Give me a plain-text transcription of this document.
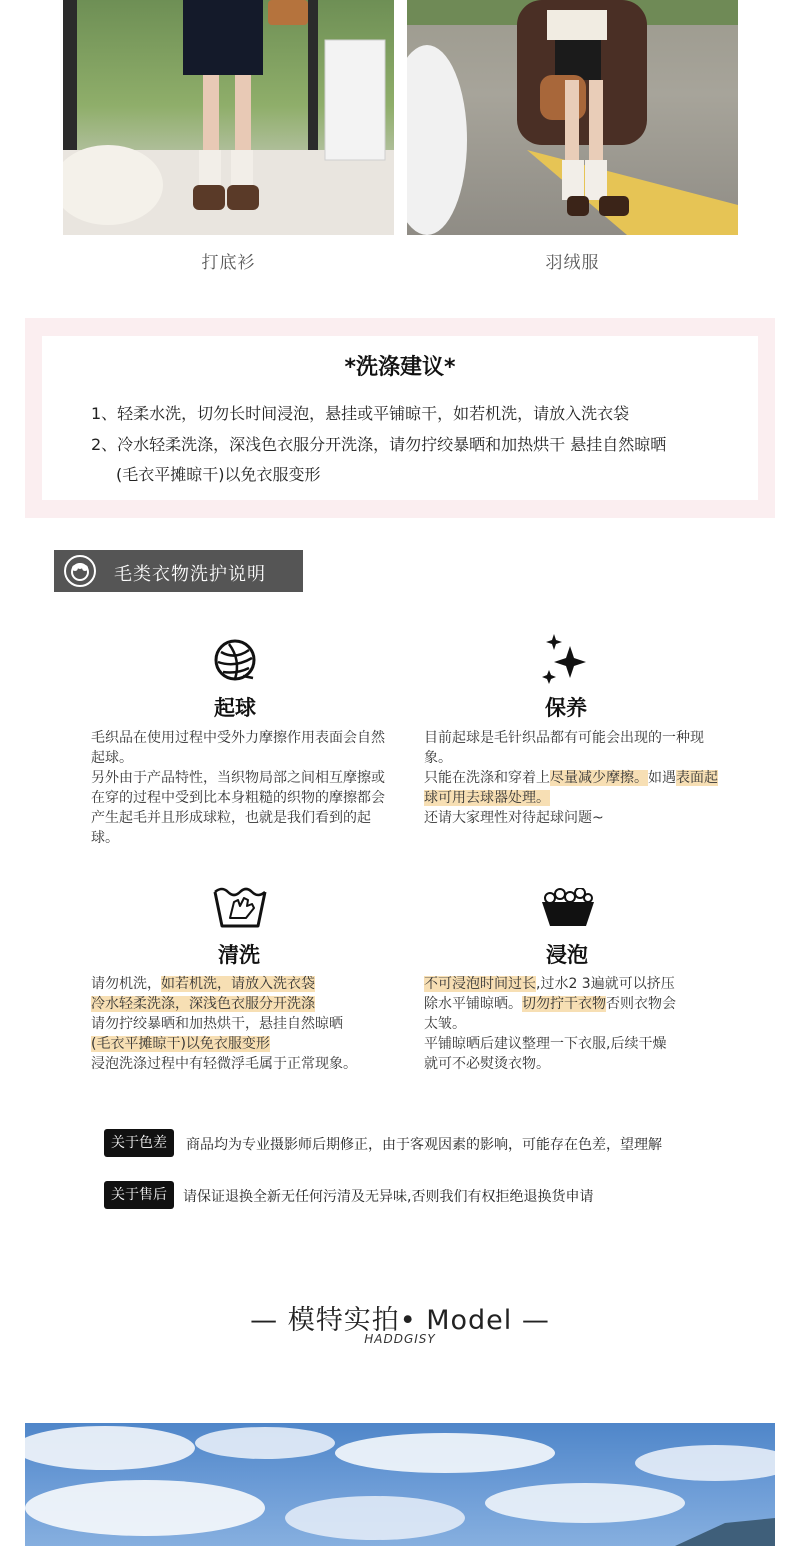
打底衫	羽绒服
*洗涤建议*
1、轻柔水洗，切勿长时间浸泡，悬挂或平铺晾干，如若机洗，请放入洗衣袋
2、冷水轻柔洗涤，深浅色衣服分开洗涤，请勿拧绞暴晒和加热烘干 悬挂自然晾晒
(毛衣平摊晾干)以免衣服变形
毛类衣物洗护说明
起球

毛织品在使用过程中受外力摩擦作用表面会自然起球。

另外由于产品特性，当织物局部之间相互摩擦或在穿的过程中受到比本身粗糙的织物的摩擦都会产生起毛并且形成球粒，也就是我们看到的起球。

保养

目前起球是毛针织品都有可能会出现的一种现象。

只能在洗涤和穿着上尽量减少摩擦。如遇表面起球可用去球器处理。

还请大家理性对待起球问题~

清洗

请勿机洗，如若机洗，请放入洗衣袋

冷水轻柔洗涤，深浅色衣服分开洗涤

请勿拧绞暴晒和加热烘干，悬挂自然晾晒

(毛衣平摊晾干)以免衣服变形

浸泡洗涤过程中有轻微浮毛属于正常现象。

浸泡

不可浸泡时间过长,过水2 3遍就可以挤压

除水平铺晾晒。切勿拧干衣物否则衣物会

太皱。

平铺晾晒后建议整理一下衣服,后续干燥

就可不必熨烫衣物。

关于色差	商品均为专业摄影师后期修正，由于客观因素的影响，可能存在色差，望理解
关于售后	请保证退换全新无任何污清及无异味,否则我们有权拒绝退换货申请
— 模特实拍• Model —
HADDGISY
